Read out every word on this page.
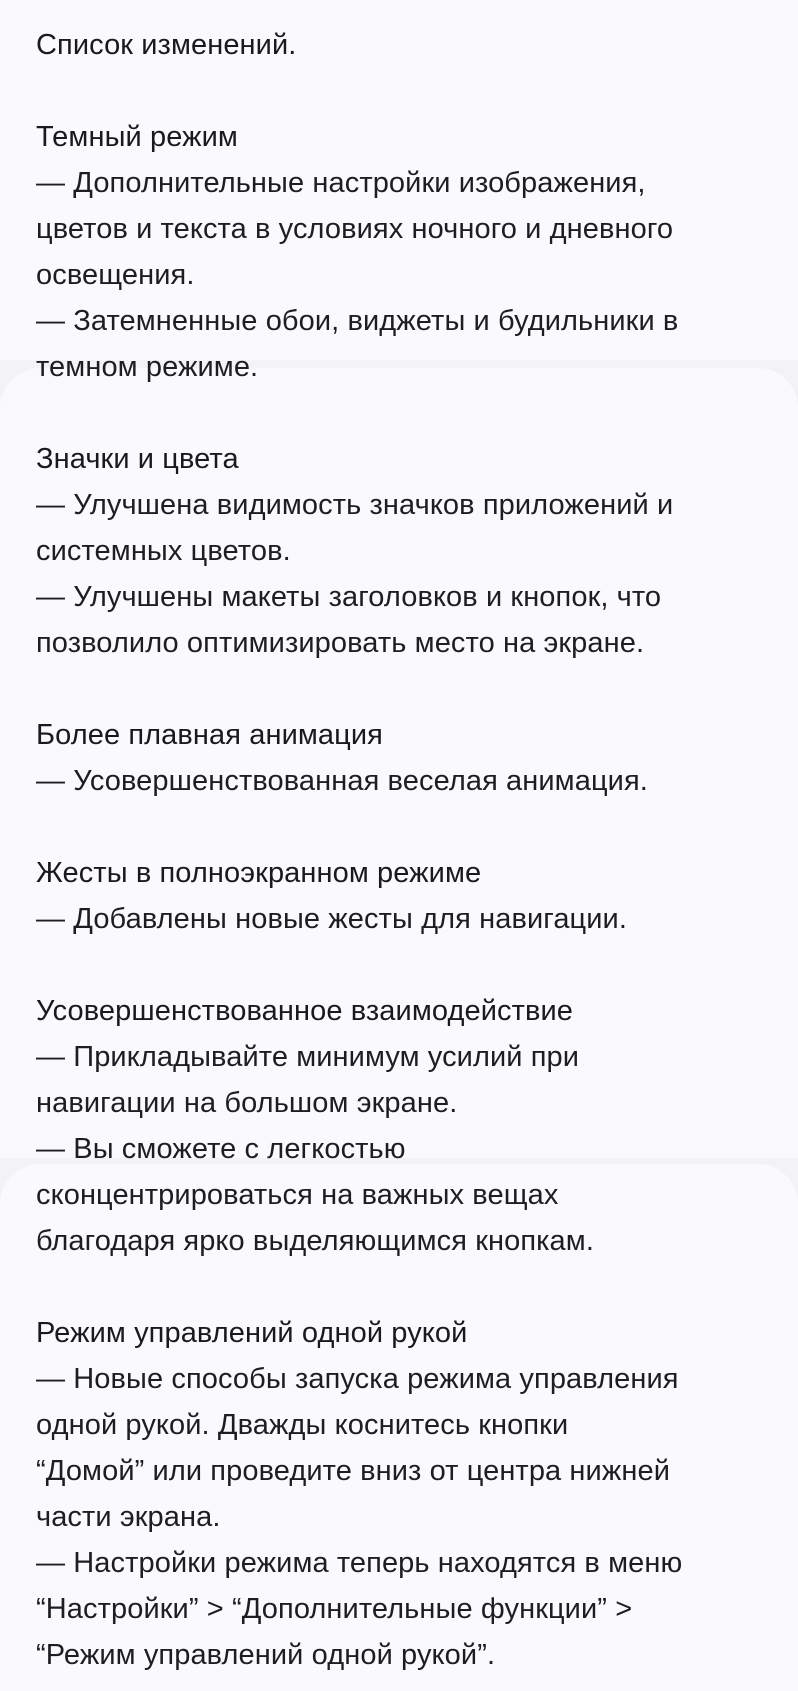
Список изменений.
Темный режим
— Дополнительные настройки изображения,
цветов и текста в условиях ночного и дневного
освещения.
— Затемненные обои, виджеты и будильники в
темном режиме.
Значки и цвета
— Улучшена видимость значков приложений и
системных цветов.
— Улучшены макеты заголовков и кнопок, что
позволило оптимизировать место на экране.
Более плавная анимация
— Усовершенствованная веселая анимация.
Жесты в полноэкранном режиме
— Добавлены новые жесты для навигации.
Усовершенствованное взаимодействие
— Прикладывайте минимум усилий при
навигации на большом экране.
— Вы сможете с легкостью
сконцентрироваться на важных вещах
благодаря ярко выделяющимся кнопкам.
Режим управлений одной рукой
— Новые способы запуска режима управления
одной рукой. Дважды коснитесь кнопки
“Домой” или проведите вниз от центра нижней
части экрана.
— Настройки режима теперь находятся в меню
“Настройки” > “Дополнительные функции” >
“Режим управлений одной рукой”.
